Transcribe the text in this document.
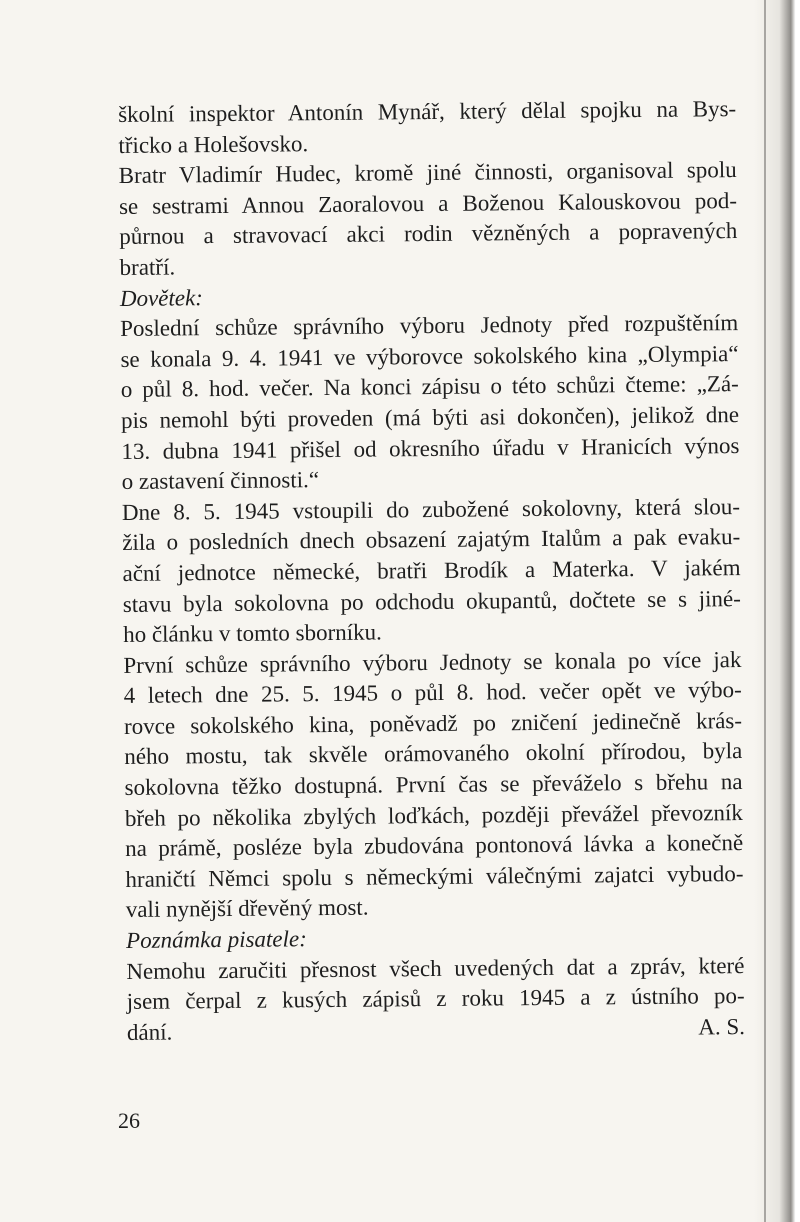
školní inspektor Antonín Mynář, který dělal spojku na Bys-
třicko a Holešovsko.
Bratr Vladimír Hudec, kromě jiné činnosti, organisoval spolu
se sestrami Annou Zaoralovou a Boženou Kalouskovou pod-
půrnou a stravovací akci rodin vězněných a popravených
bratří.
Dovětek:
Poslední schůze správního výboru Jednoty před rozpuštěním
se konala 9. 4. 1941 ve výborovce sokolského kina „Olympia“
o půl 8. hod. večer. Na konci zápisu o této schůzi čteme: „Zá-
pis nemohl býti proveden (má býti asi dokončen), jelikož dne
13. dubna 1941 přišel od okresního úřadu v Hranicích výnos
o zastavení činnosti.“
Dne 8. 5. 1945 vstoupili do zubožené sokolovny, která slou-
žila o posledních dnech obsazení zajatým Italům a pak evaku-
ační jednotce německé, bratři Brodík a Materka. V jakém
stavu byla sokolovna po odchodu okupantů, dočtete se s jiné-
ho článku v tomto sborníku.
První schůze správního výboru Jednoty se konala po více jak
4 letech dne 25. 5. 1945 o půl 8. hod. večer opět ve výbo-
rovce sokolského kina, poněvadž po zničení jedinečně krás-
ného mostu, tak skvěle orámovaného okolní přírodou, byla
sokolovna těžko dostupná. První čas se převáželo s břehu na
břeh po několika zbylých loďkách, později převážel převozník
na prámě, posléze byla zbudována pontonová lávka a konečně
hraničtí Němci spolu s německými válečnými zajatci vybudo-
vali nynější dřevěný most.
Poznámka pisatele:
Nemohu zaručiti přesnost všech uvedených dat a zpráv, které
jsem čerpal z kusých zápisů z roku 1945 a z ústního po-
dání.	A. S.
26
